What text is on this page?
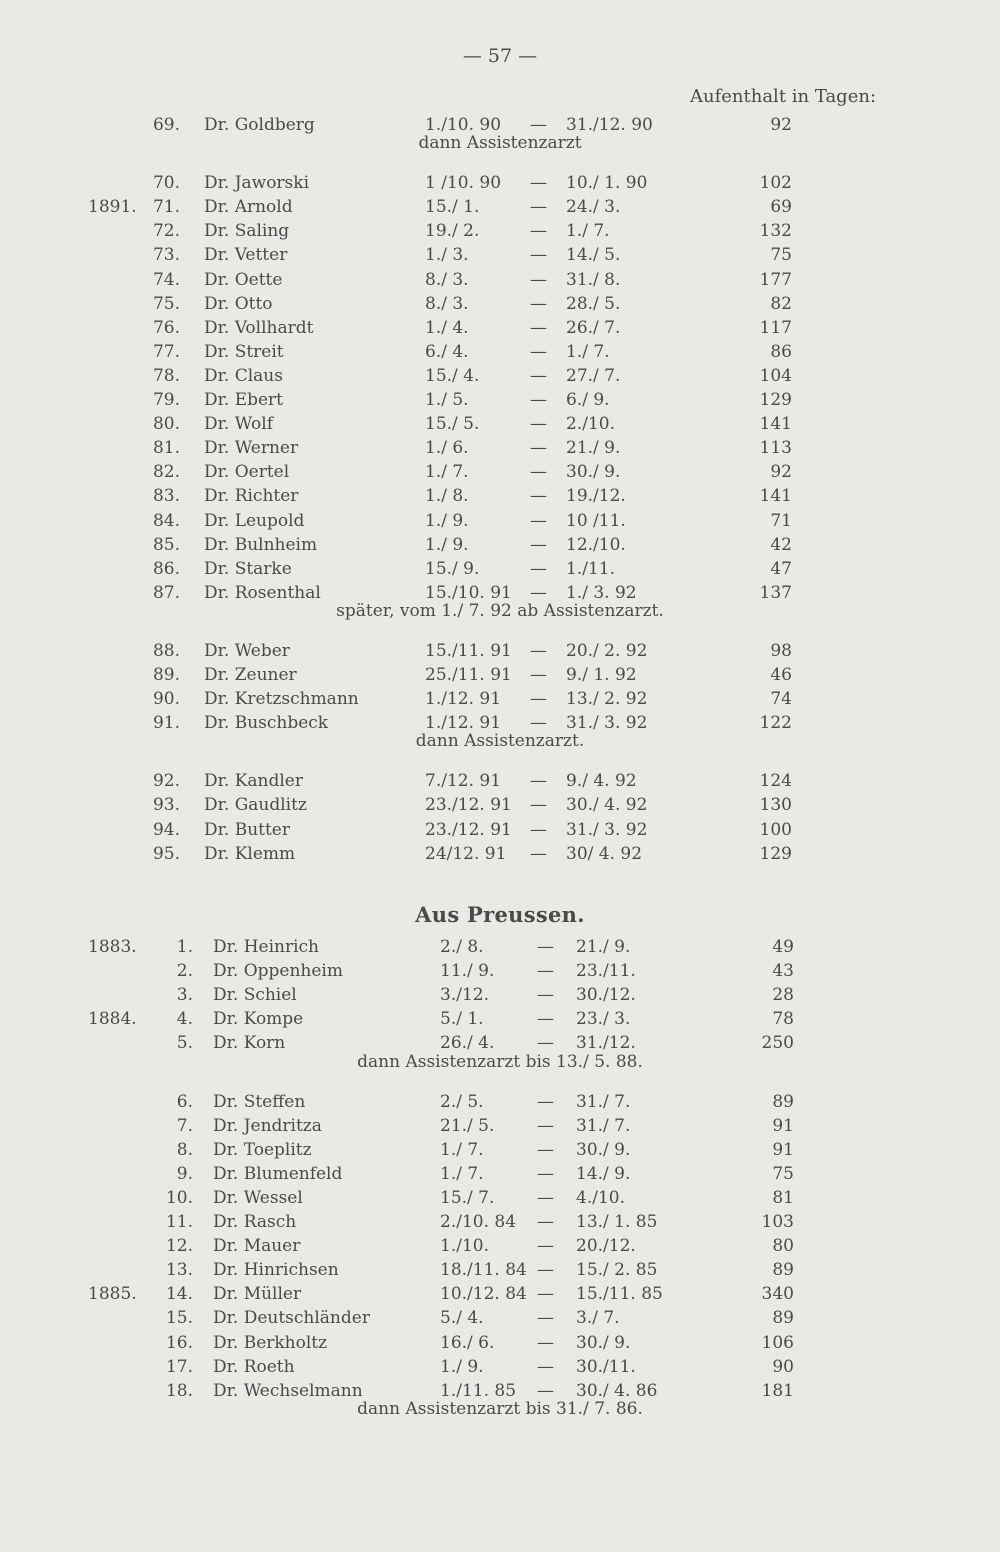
— 57 —
Aufenthalt in Tagen:
69. Dr. Goldberg	1./10. 90 — 31./12. 90	92
dann Assistenzarzt
70. Dr. Jaworski	1 /10. 90 — 10./ 1. 90	102
1891. 71. Dr. Arnold	15./ 1.	— 24./ 3.	69
72. Dr. Saling	19./ 2.	— 1./ 7.	132
73. Dr. Vetter	1./ 3.	— 14./ 5.	75
74. Dr. Oette	8./ 3.	— 31./ 8.	177
75. Dr. Otto	8./ 3.	— 28./ 5.	82
76. Dr. Vollhardt	1./ 4.	— 26./ 7.	117
77. Dr. Streit	6./ 4.	— 1./ 7.	86
78. Dr. Claus	15./ 4.	— 27./ 7.	104
79. Dr. Ebert	1./ 5.	— 6./ 9.	129
80. Dr. Wolf	15./ 5.	— 2./10.	141
81. Dr. Werner	1./ 6.	— 21./ 9.	113
82. Dr. Oertel	1./ 7.	— 30./ 9.	92
83. Dr. Richter	1./ 8.	— 19./12.	141
84. Dr. Leupold	1./ 9.	— 10 /11.	71
85. Dr. Bulnheim	1./ 9.	— 12./10.	42
86. Dr. Starke	15./ 9.	— 1./11.	47
87. Dr. Rosenthal	15./10. 91 — 1./ 3. 92	137
später, vom 1./ 7. 92 ab Assistenzarzt.
88. Dr. Weber	15./11. 91 — 20./ 2. 92	98
89. Dr. Zeuner	25./11. 91 — 9./ 1. 92	46
90. Dr. Kretzschmann	1./12. 91 — 13./ 2. 92	74
91. Dr. Buschbeck	1./12. 91 — 31./ 3. 92	122
dann Assistenzarzt.
92. Dr. Kandler	7./12. 91 — 9./ 4. 92	124
93. Dr. Gaudlitz	23./12. 91 — 30./ 4. 92	130
94. Dr. Butter	23./12. 91 — 31./ 3. 92	100
95. Dr. Klemm	24/12. 91 — 30/ 4. 92	129
Aus Preussen.
1883.	1. Dr. Heinrich	2./ 8.	— 21./ 9.	49
2. Dr. Oppenheim	11./ 9.	— 23./11.	43
3. Dr. Schiel	3./12.	— 30./12.	28
1884.	4. Dr. Kompe	5./ 1.	— 23./ 3.	78
5. Dr. Korn	26./ 4.	— 31./12.	250
dann Assistenzarzt bis 13./ 5. 88.
6. Dr. Steffen	2./ 5.	— 31./ 7.	89
7. Dr. Jendritza	21./ 5.	— 31./ 7.	91
8. Dr. Toeplitz	1./ 7.	— 30./ 9.	91
9. Dr. Blumenfeld	1./ 7.	— 14./ 9.	75
10. Dr. Wessel	15./ 7.	— 4./10.	81
11. Dr. Rasch	2./10. 84 — 13./ 1. 85	103
12. Dr. Mauer	1./10.	— 20./12.	80
13. Dr. Hinrichsen	18./11. 84 — 15./ 2. 85	89
1885.	14. Dr. Müller	10./12. 84 — 15./11. 85	340
15. Dr. Deutschländer	5./ 4.	— 3./ 7.	89
16. Dr. Berkholtz	16./ 6.	— 30./ 9.	106
17. Dr. Roeth	1./ 9.	— 30./11.	90
18. Dr. Wechselmann	1./11. 85 — 30./ 4. 86	181
dann Assistenzarzt bis 31./ 7. 86.
